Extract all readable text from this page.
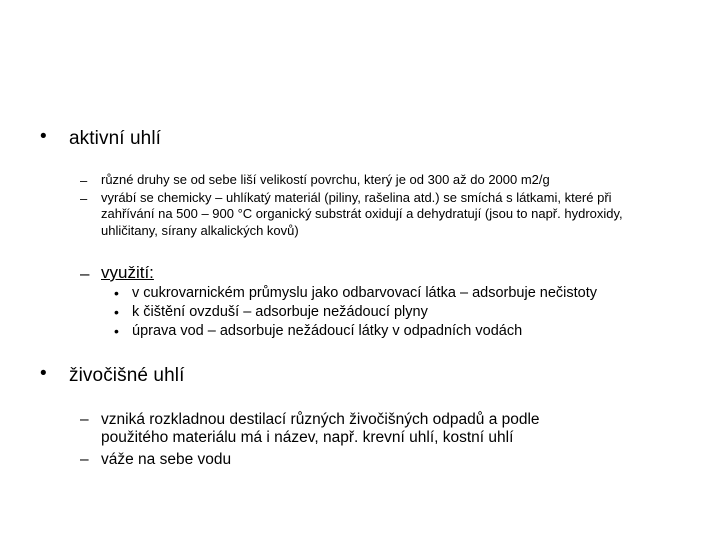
• aktivní uhlí
– různé druhy se od sebe liší velikostí povrchu, který je od 300 až do 2000 m2/g
– vyrábí se chemicky – uhlíkatý materiál (piliny, rašelina atd.) se smíchá s látkami, které při
zahřívání na 500 – 900 °C organický substrát oxidují a dehydratují (jsou to např. hydroxidy,
uhličitany, sírany alkalických kovů)
– využití:
• v cukrovarnickém průmyslu jako odbarvovací látka – adsorbuje nečistoty
• k čištění ovzduší – adsorbuje nežádoucí plyny
• úprava vod – adsorbuje nežádoucí látky v odpadních vodách
• živočišné uhlí
– vzniká rozkladnou destilací různých živočišných odpadů a podle
použitého materiálu má i název, např. krevní uhlí, kostní uhlí
– váže na sebe vodu
